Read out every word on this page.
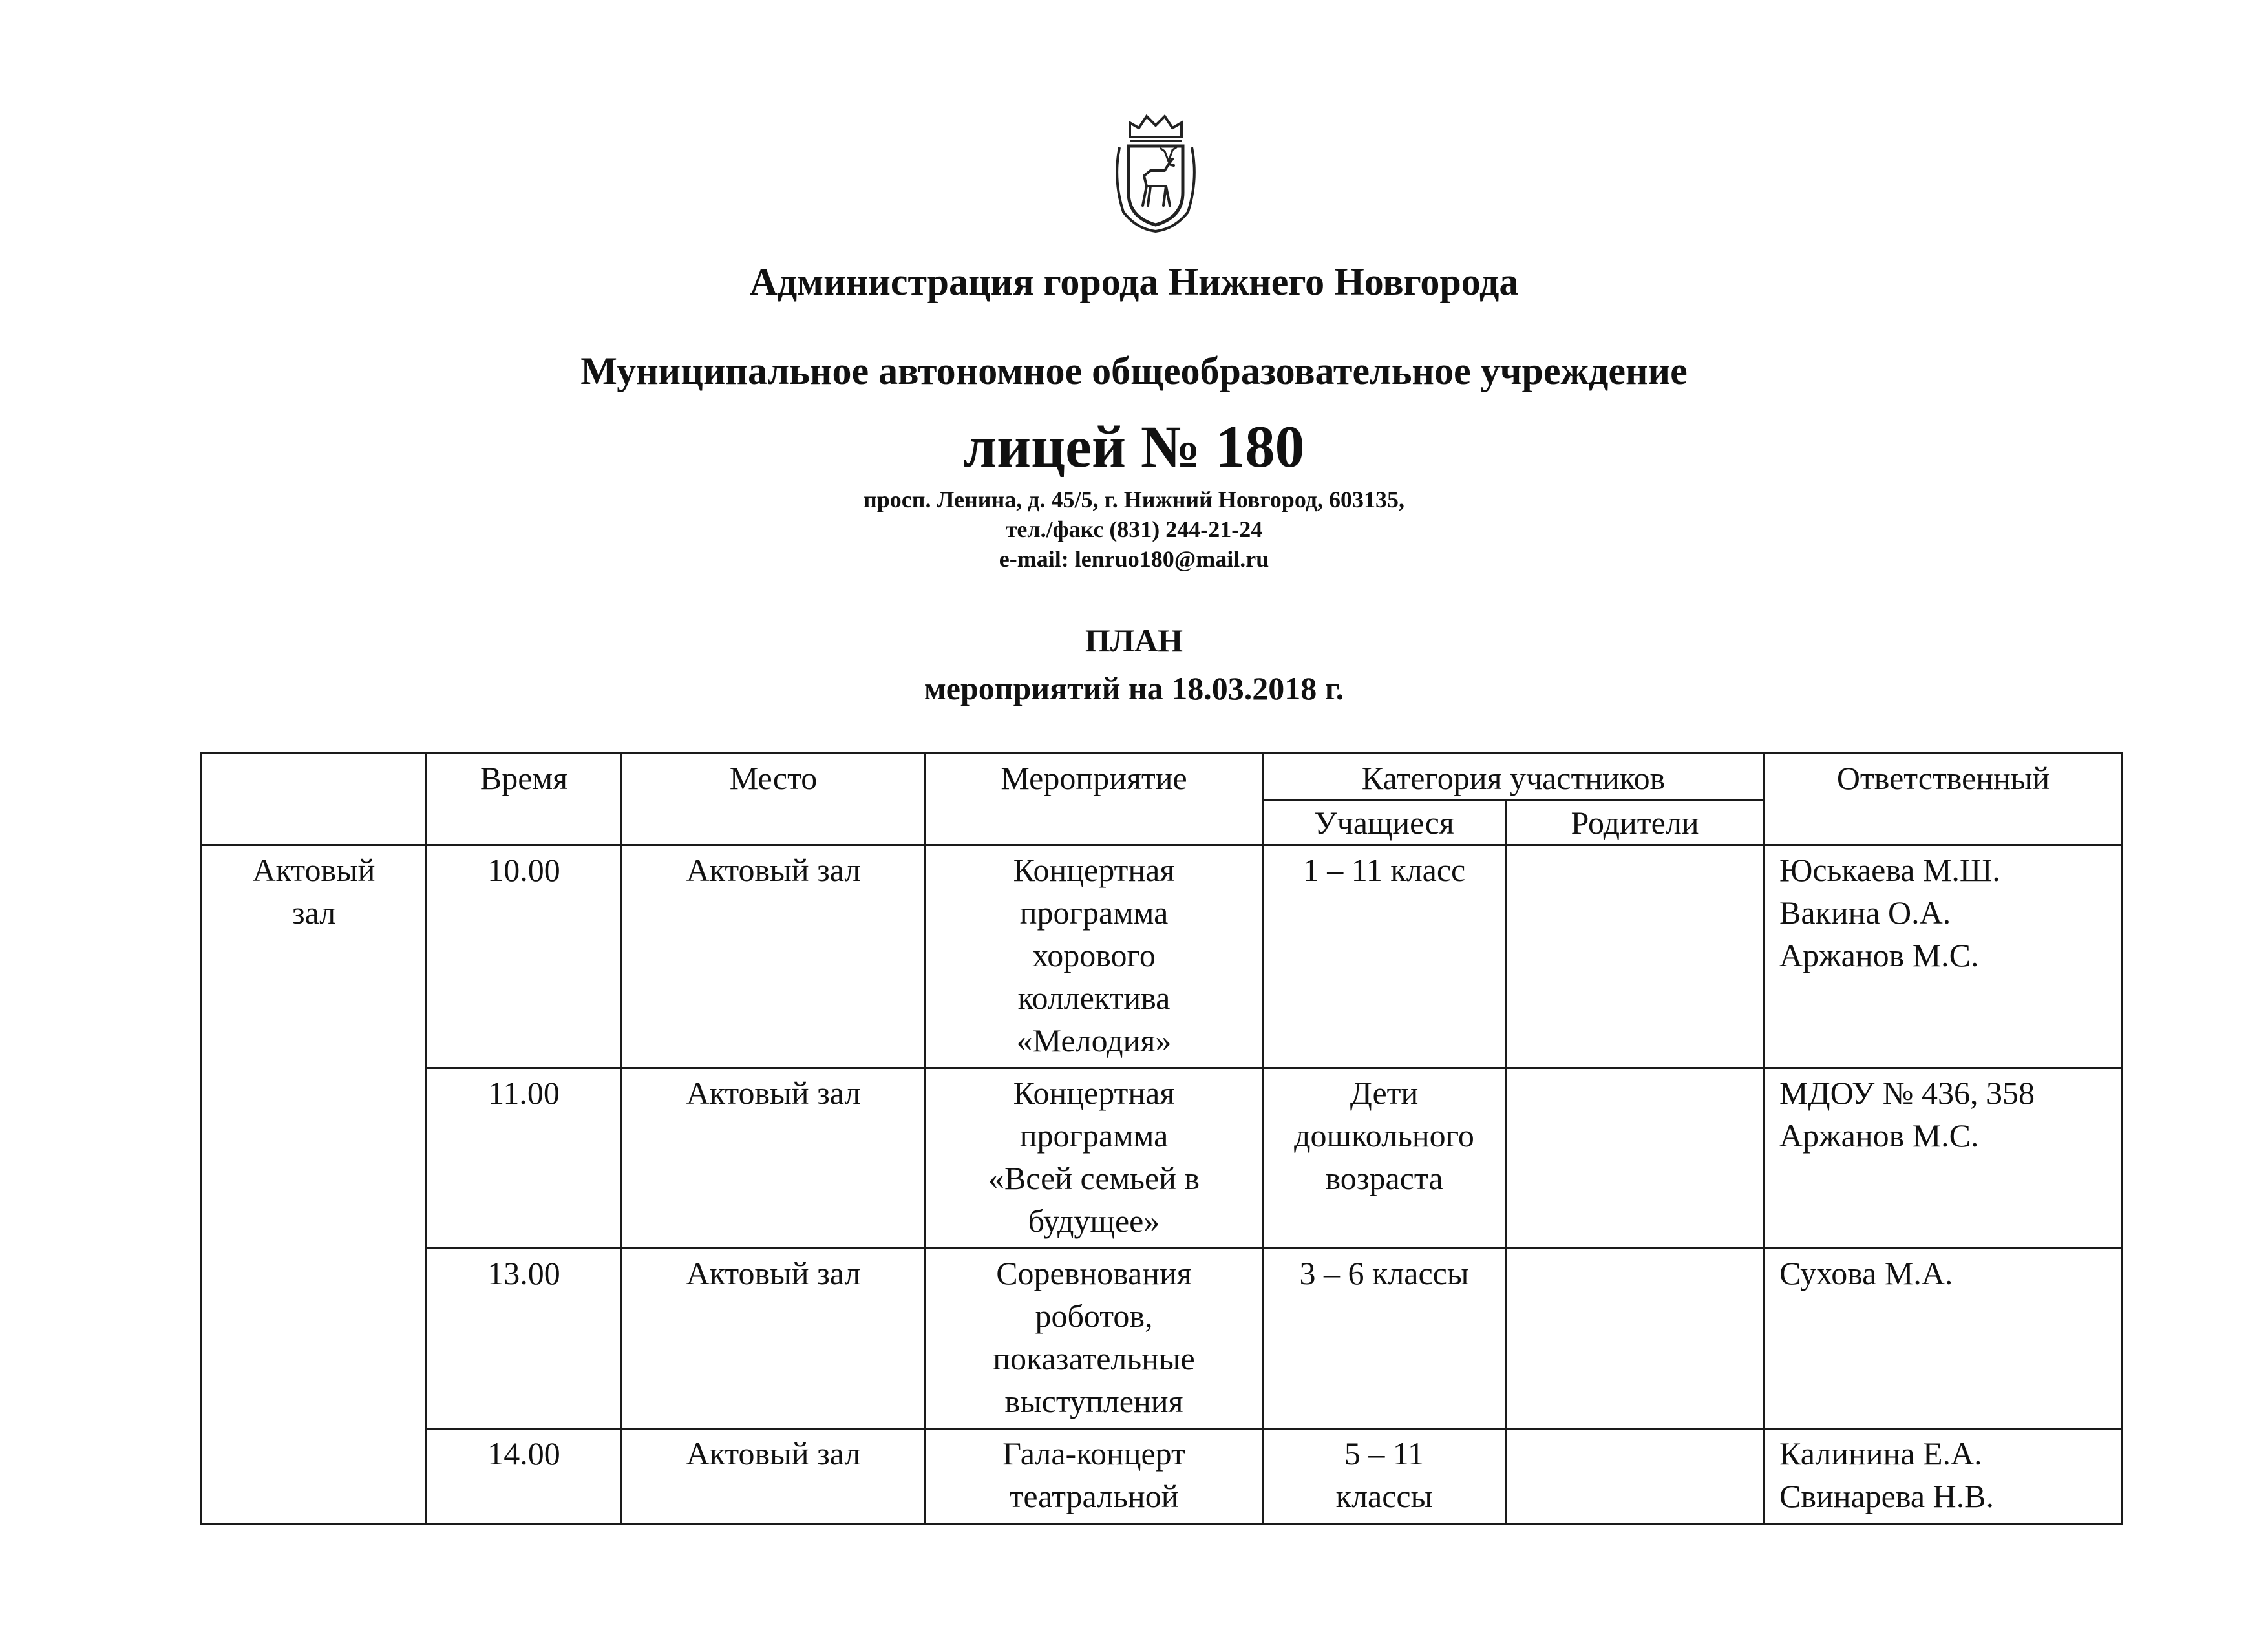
Администрация города Нижнего Новгорода
Муниципальное автономное общеобразовательное учреждение
лицей № 180
просп. Ленина, д. 45/5, г. Нижний Новгород, 603135,
тел./факс (831) 244-21-24
e-mail: lenruo180@mail.ru
ПЛАН
мероприятий на 18.03.2018 г.
	Время	Место	Мероприятие	Категория участников		Ответственный
				Учащиеся	Родители	
Актовый
зал	10.00	Актовый зал	Концертная
программа
хорового
коллектива
«Мелодия»	1 – 11 класс		Юськаева М.Ш.
Вакина О.А.
Аржанов М.С.
	11.00	Актовый зал	Концертная
программа
«Всей семьей в
будущее»	Дети
дошкольного
возраста		МДОУ № 436, 358
Аржанов М.С.
	13.00	Актовый зал	Соревнования
роботов,
показательные
выступления	3 – 6 классы		Сухова М.А.
	14.00	Актовый зал	Гала-концерт
театральной	5 – 11
классы		Калинина Е.А.
Свинарева Н.В.
